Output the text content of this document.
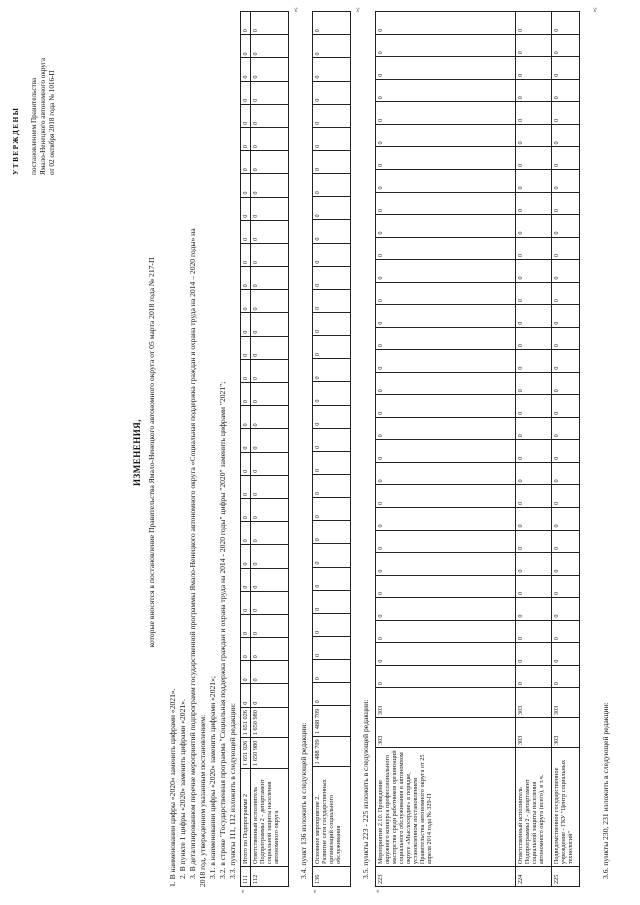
УТВЕРЖДЕНЫ постановлением Правительства Ямало-Ненецкого автономного округа от 02 октября 2018 года № 1016-П
ИЗМЕНЕНИЯ, которые вносятся в постановление Правительства Ямало-Ненецкого автономного округа от 05 марта 2018 года № 217-П
1. В наименовании цифры «2020» заменить цифрами «2021». 2. В пункте 1 цифры «2020» заменить цифрами «2021». 3. В детализированном перечне мероприятий подпрограмм государственной программы Ямало-Ненецкого автономного округа «Социальная поддержка граждан и охрана труда на 2014 – 2020 годы» на 2018 год, утвержденном указанным постановлением: 3.1. в наименовании цифры «2020» заменить цифрами «2021»; 3.2. в строке "Государственная программа "Социальная поддержка граждан и охрана труда на 2014 - 2020 годы" цифры "2020" заменить цифрами "2021"; 3.3. пункты 111, 112 изложить в следующей редакции:
«
111	Итого по Подпрограмме 2	1 651 026	1 651 026	0	0	0	0	0	0	0	0	0	0	0	0	0	0	0	0	0	0	0	0	0	0	0	0	0	0	0	0	0	0
112	Ответственный исполнитель Подпрограммы 2 - департамент социальной защиты населения автономного округа	1 650 980	1 650 980	0	0	0	0	0	0	0	0	0	0	0	0	0	0	0	0	0	0	0	0	0	0	0	0	0	0	0	0	0	0
»;
3.4. пункт 136 изложить в следующей редакции:
«
136	Основное мероприятие 2. Развитие сети государственных организаций социального обслуживания	1 488 709	1 488 709	0	0	0	0	0	0	0	0	0	0	0	0	0	0	0	0	0	0	0	0	0	0	0	0	0	0	0	0	0	0
»;
3.5. пункты 223 - 225 изложить в следующей редакции:
«
223	Мероприятие 2.10. Проведение окружного конкурса профессионального мастерства среди работников организаций социального обслуживания в автономном округе «Мыслосердие» в порядке, установленном постановлением Правительства автономного округа от 25 апреля 2014 года № 329-П	303	303	0	0	0	0	0	0	0	0	0	0	0	0	0	0	0	0	0	0	0	0	0	0	0	0	0	0	0	0	0	0
224	Ответственный исполнитель Подпрограммы 2 - департамент социальной защиты населения автономного округа (всего), в т.ч.	303	303	0	0	0	0	0	0	0	0	0	0	0	0	0	0	0	0	0	0	0	0	0	0	0	0	0	0	0	0	0	0
225	Подведомственное государственное учреждение - ГКУ "Центр социальных технологий"	303	303	0	0	0	0	0	0	0	0	0	0	0	0	0	0	0	0	0	0	0	0	0	0	0	0	0	0	0	0	0	0
»;
3.6. пункты 230, 231 изложить в следующей редакции:
